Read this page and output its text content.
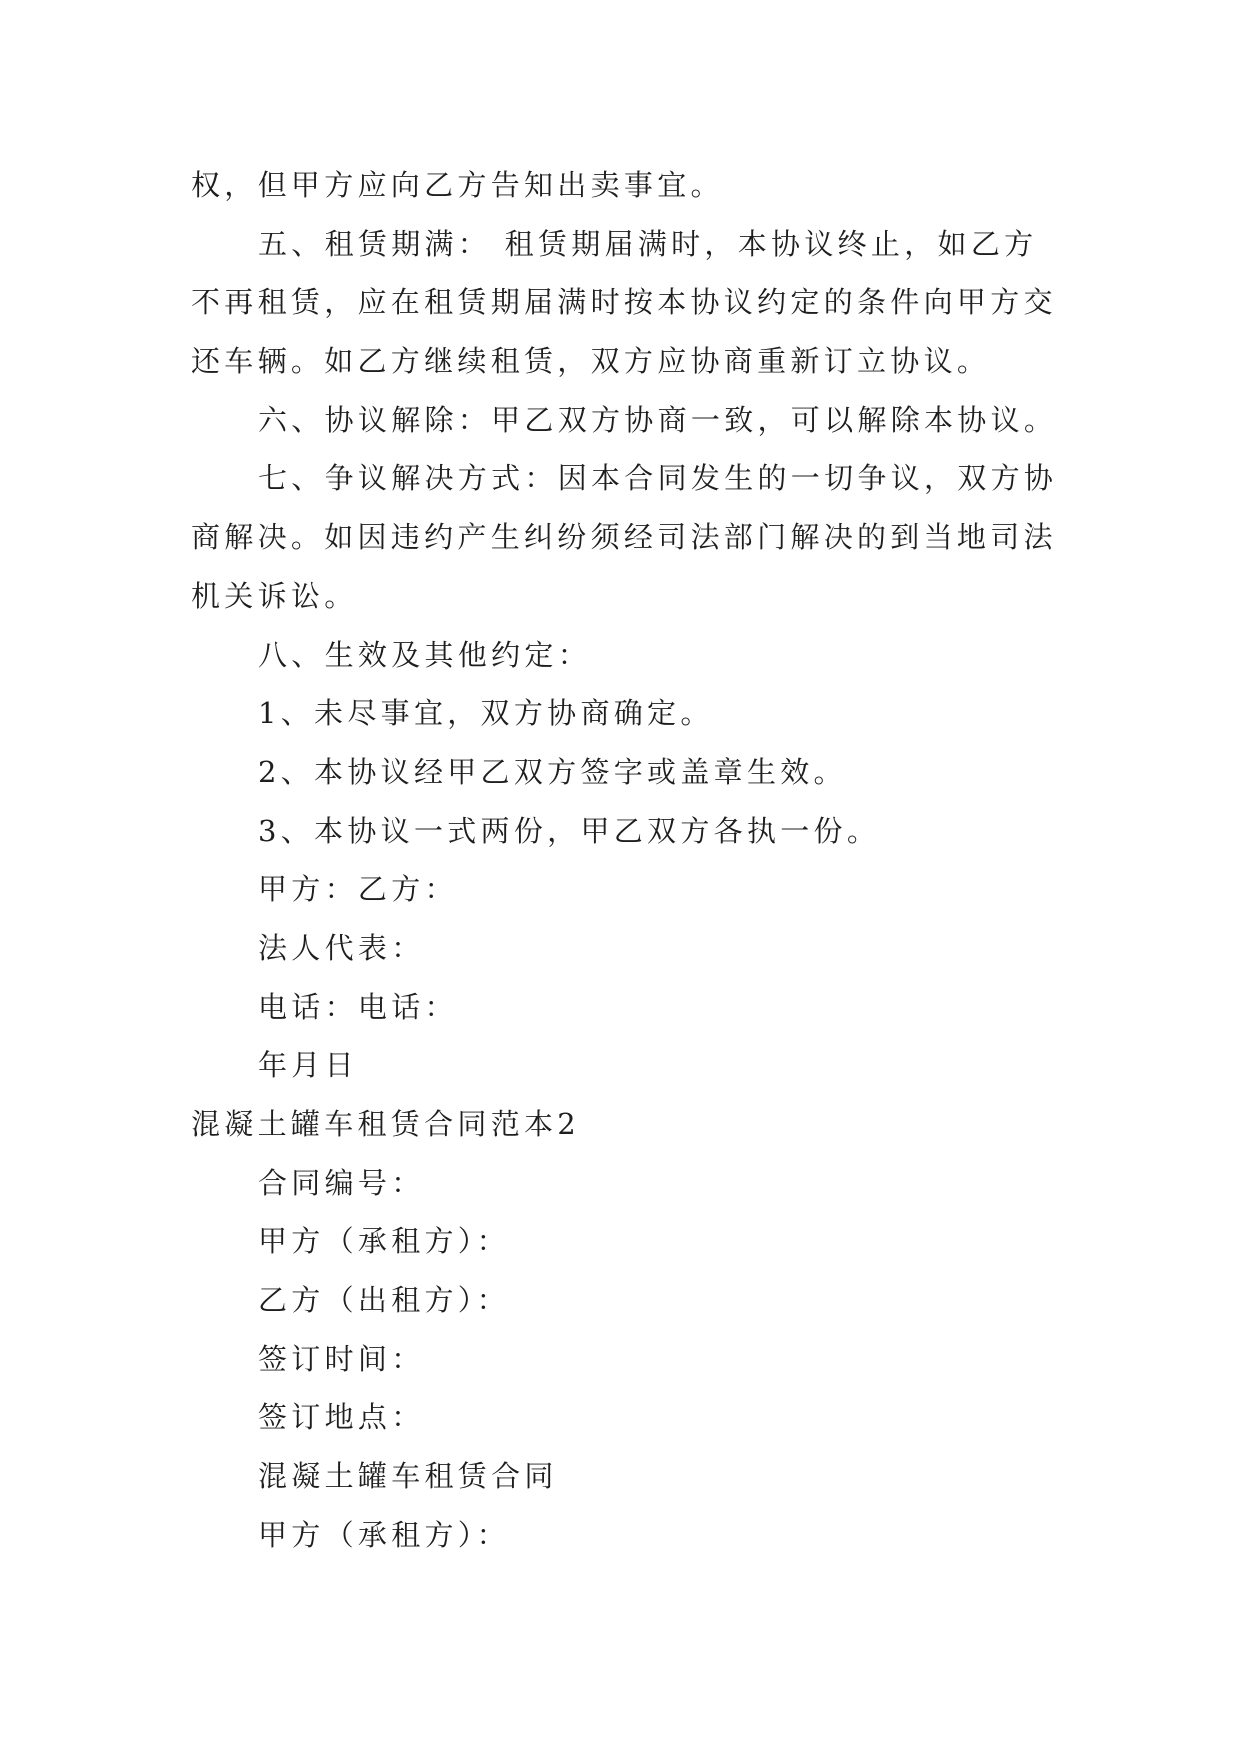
权，但甲方应向乙方告知出卖事宜。
五、租赁期满： 租赁期届满时，本协议终止，如乙方
不再租赁，应在租赁期届满时按本协议约定的条件向甲方交
还车辆。如乙方继续租赁，双方应协商重新订立协议。
六、协议解除：甲乙双方协商一致，可以解除本协议。
七、争议解决方式：因本合同发生的一切争议，双方协
商解决。如因违约产生纠纷须经司法部门解决的到当地司法
机关诉讼。
八、生效及其他约定：
1、未尽事宜，双方协商确定。
2、本协议经甲乙双方签字或盖章生效。
3、本协议一式两份，甲乙双方各执一份。
甲方：乙方：
法人代表：
电话：电话：
年月日
混凝土罐车租赁合同范本2
合同编号：
甲方（承租方）：
乙方（出租方）：
签订时间：
签订地点：
混凝土罐车租赁合同
甲方（承租方）：
